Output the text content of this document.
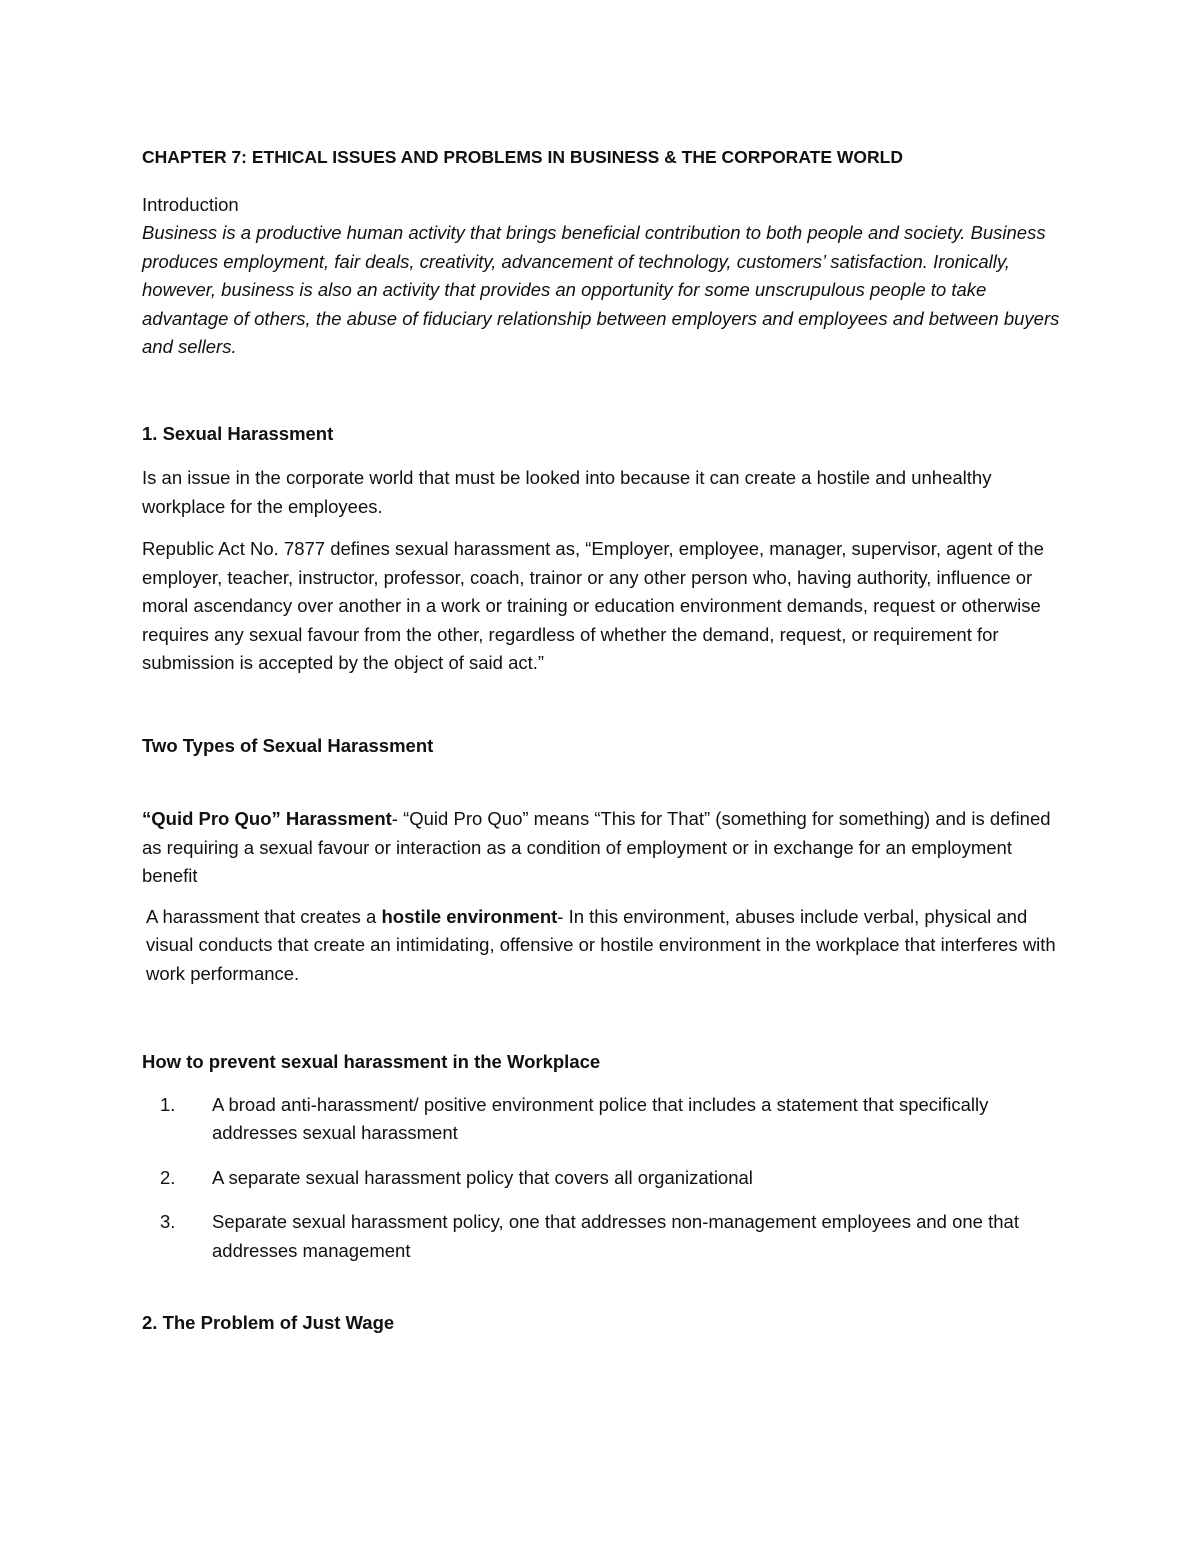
CHAPTER 7: ETHICAL ISSUES AND PROBLEMS IN BUSINESS & THE CORPORATE WORLD

Introduction

Business is a productive human activity that brings beneficial contribution to both people and society. Business produces employment, fair deals, creativity, advancement of technology, customers’ satisfaction. Ironically, however, business is also an activity that provides an opportunity for some unscrupulous people to take advantage of others, the abuse of fiduciary relationship between employers and employees and between buyers and sellers.

1. Sexual Harassment

Is an issue in the corporate world that must be looked into because it can create a hostile and unhealthy workplace for the employees.

Republic Act No. 7877 defines sexual harassment as, “Employer, employee, manager, supervisor, agent of the employer, teacher, instructor, professor, coach, trainor or any other person who, having authority, influence or moral ascendancy over another in a work or training or education environment demands, request or otherwise requires any sexual favour from the other, regardless of whether the demand, request, or requirement for submission is accepted by the object of said act.”

Two Types of Sexual Harassment

“Quid Pro Quo” Harassment- “Quid Pro Quo” means “This for That” (something for something) and is defined as requiring a sexual favour or interaction as a condition of employment or in exchange for an employment benefit

A harassment that creates a hostile environment- In this environment, abuses include verbal, physical and visual conducts that create an intimidating, offensive or hostile environment in the workplace that interferes with work performance.

How to prevent sexual harassment in the Workplace

1. A broad anti-harassment/ positive environment police that includes a statement that specifically addresses sexual harassment
2. A separate sexual harassment policy that covers all organizational
3. Separate sexual harassment policy, one that addresses non-management employees and one that addresses management

2. The Problem of Just Wage
